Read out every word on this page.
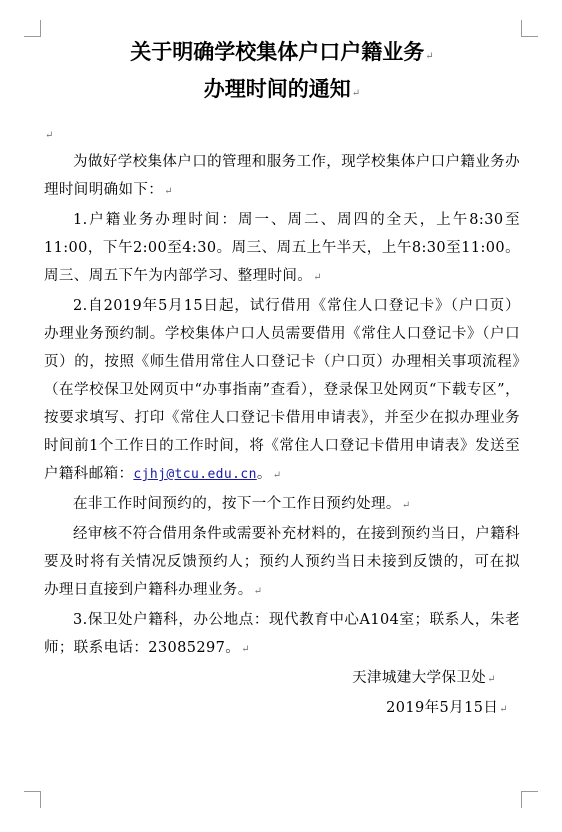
关于明确学校集体户口户籍业务↵
办理时间的通知↵
↵

为做好学校集体户口的管理和服务工作，现学校集体户口户籍业务办理时间明确如下：↵

1.户籍业务办理时间：周一、周二、周四的全天，上午8:30至11:00，下午2:00至4:30。周三、周五上午半天，上午8:30至11:00。周三、周五下午为内部学习、整理时间。↵

2.自2019年5月15日起，试行借用《常住人口登记卡》（户口页）办理业务预约制。学校集体户口人员需要借用《常住人口登记卡》（户口页）的，按照《师生借用常住人口登记卡（户口页）办理相关事项流程》（在学校保卫处网页中“办事指南”查看），登录保卫处网页“下载专区”，按要求填写、打印《常住人口登记卡借用申请表》，并至少在拟办理业务时间前1个工作日的工作时间，将《常住人口登记卡借用申请表》发送至户籍科邮箱：cjhj@tcu.edu.cn。↵

在非工作时间预约的，按下一个工作日预约处理。↵

经审核不符合借用条件或需要补充材料的，在接到预约当日，户籍科要及时将有关情况反馈预约人；预约人预约当日未接到反馈的，可在拟办理日直接到户籍科办理业务。↵

3.保卫处户籍科，办公地点：现代教育中心A104室；联系人，朱老师；联系电话：23085297。↵

天津城建大学保卫处↵

2019年5月15日↵
